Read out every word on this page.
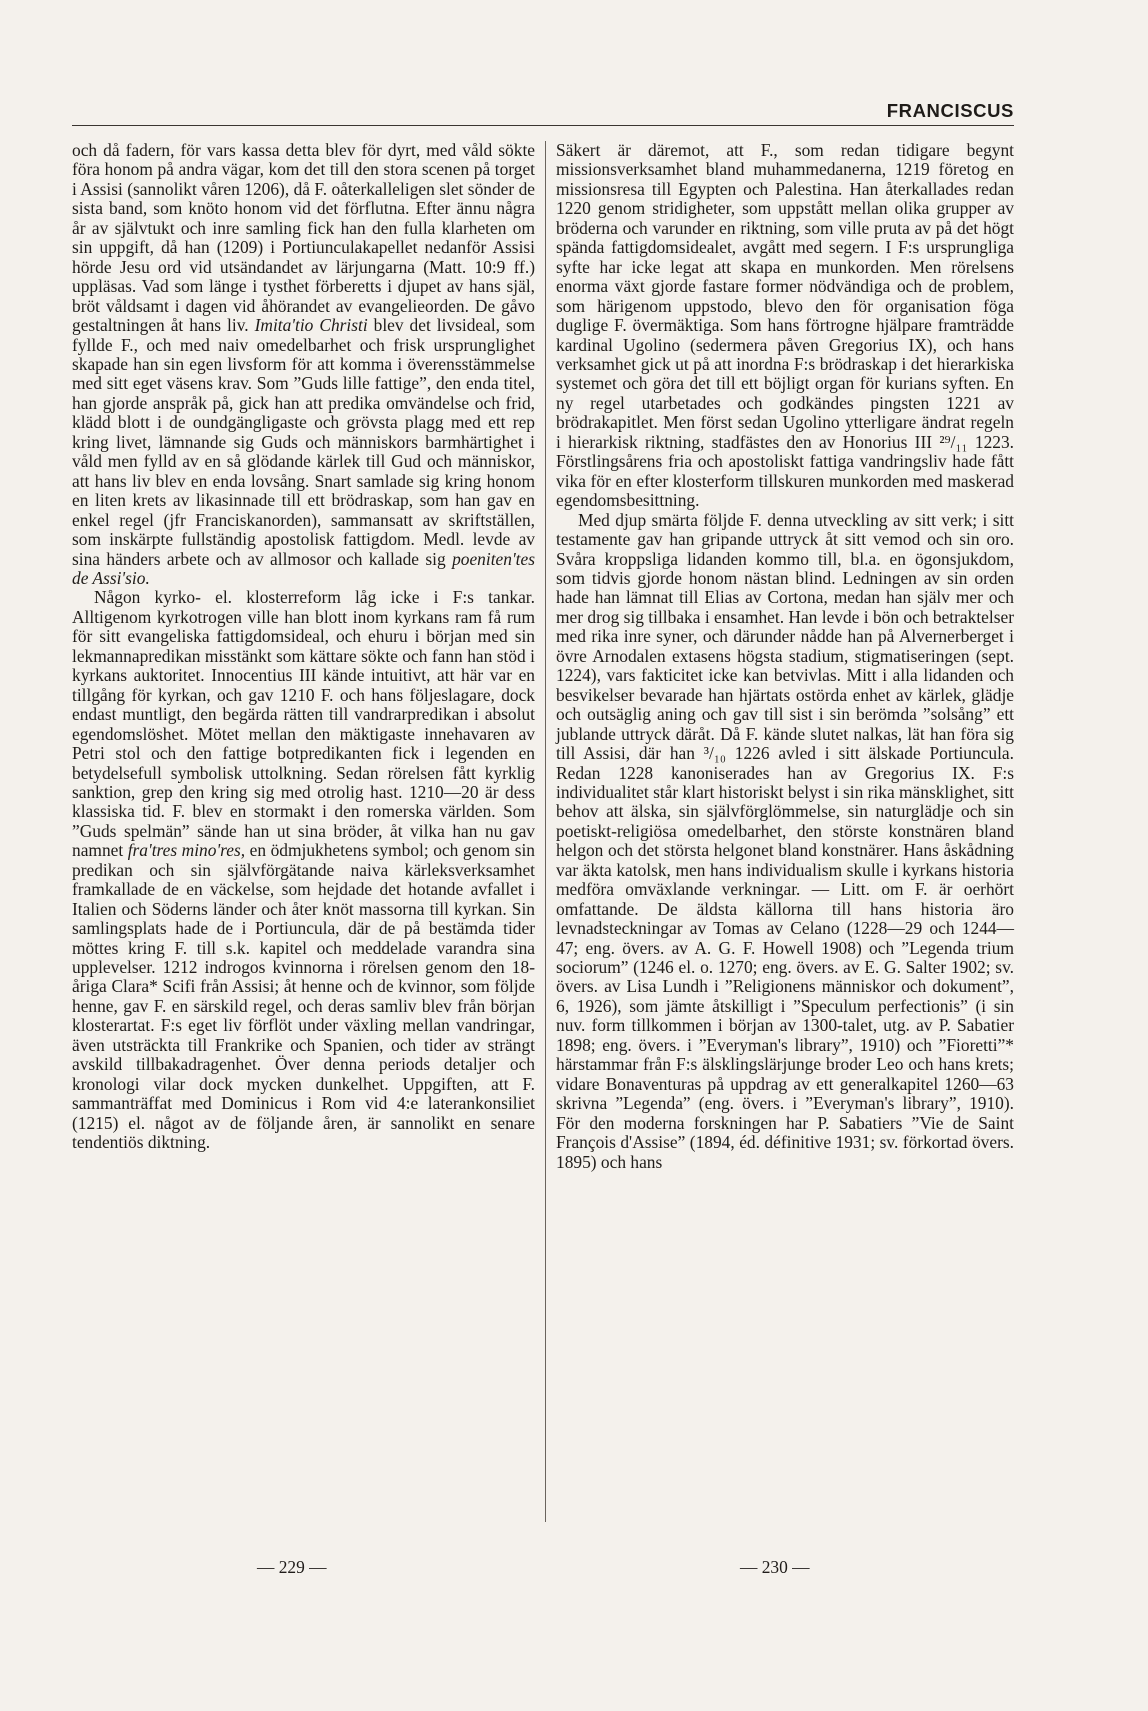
FRANCISCUS

och då fadern, för vars kassa detta blev för dyrt, med våld sökte föra honom på andra vägar, kom det till den stora scenen på torget i Assisi (sannolikt våren 1206), då F. oåterkalleligen slet sönder de sista band, som knöto honom vid det förflutna. Efter ännu några år av självtukt och inre samling fick han den fulla klarheten om sin uppgift, då han (1209) i Portiunculakapellet nedanför Assisi hörde Jesu ord vid utsändandet av lärjungarna (Matt. 10:9 ff.) uppläsas. Vad som länge i tysthet förberetts i djupet av hans själ, bröt våldsamt i dagen vid åhörandet av evangelieorden. De gåvo gestaltningen åt hans liv. Imita'tio Christi blev det livsideal, som fyllde F., och med naiv omedelbarhet och frisk ursprunglighet skapade han sin egen livsform för att komma i överensstämmelse med sitt eget väsens krav. Som ”Guds lille fattige”, den enda titel, han gjorde anspråk på, gick han att predika omvändelse och frid, klädd blott i de oundgängligaste och grövsta plagg med ett rep kring livet, lämnande sig Guds och människors barmhärtighet i våld men fylld av en så glödande kärlek till Gud och människor, att hans liv blev en enda lovsång. Snart samlade sig kring honom en liten krets av likasinnade till ett brödraskap, som han gav en enkel regel (jfr Franciskanorden), sammansatt av skriftställen, som inskärpte fullständig apostolisk fattigdom. Medl. levde av sina händers arbete och av allmosor och kallade sig poeniten'tes de Assi'sio.

Någon kyrko- el. klosterreform låg icke i F:s tankar. Alltigenom kyrkotrogen ville han blott inom kyrkans ram få rum för sitt evangeliska fattigdomsideal, och ehuru i början med sin lekmannapredikan misstänkt som kättare sökte och fann han stöd i kyrkans auktoritet. Innocentius III kände intuitivt, att här var en tillgång för kyrkan, och gav 1210 F. och hans följeslagare, dock endast muntligt, den begärda rätten till vandrarpredikan i absolut egendomslöshet. Mötet mellan den mäktigaste innehavaren av Petri stol och den fattige botpredikanten fick i legenden en betydelsefull symbolisk uttolkning. Sedan rörelsen fått kyrklig sanktion, grep den kring sig med otrolig hast. 1210—20 är dess klassiska tid. F. blev en stormakt i den romerska världen. Som ”Guds spelmän” sände han ut sina bröder, åt vilka han nu gav namnet fra'tres mino'res, en ödmjukhetens symbol; och genom sin predikan och sin självförgätande naiva kärleksverksamhet framkallade de en väckelse, som hejdade det hotande avfallet i Italien och Söderns länder och åter knöt massorna till kyrkan. Sin samlingsplats hade de i Portiuncula, där de på bestämda tider möttes kring F. till s.k. kapitel och meddelade varandra sina upplevelser. 1212 indrogos kvinnorna i rörelsen genom den 18-åriga Clara* Scifi från Assisi; åt henne och de kvinnor, som följde henne, gav F. en särskild regel, och deras samliv blev från början klosterartat. F:s eget liv förflöt under växling mellan vandringar, även utsträckta till Frankrike och Spanien, och tider av strängt avskild tillbakadragenhet. Över denna periods detaljer och kronologi vilar dock mycken dunkelhet. Uppgiften, att F. sammanträffat med Dominicus i Rom vid 4:e laterankonsiliet (1215) el. något av de följande åren, är sannolikt en senare tendentiös diktning.

Säkert är däremot, att F., som redan tidigare begynt missionsverksamhet bland muhammedanerna, 1219 företog en missionsresa till Egypten och Palestina. Han återkallades redan 1220 genom stridigheter, som uppstått mellan olika grupper av bröderna och varunder en riktning, som ville pruta av på det högt spända fattigdomsidealet, avgått med segern. I F:s ursprungliga syfte har icke legat att skapa en munkorden. Men rörelsens enorma växt gjorde fastare former nödvändiga och de problem, som härigenom uppstodo, blevo den för organisation föga duglige F. övermäktiga. Som hans förtrogne hjälpare framträdde kardinal Ugolino (sedermera påven Gregorius IX), och hans verksamhet gick ut på att inordna F:s brödraskap i det hierarkiska systemet och göra det till ett böjligt organ för kurians syften. En ny regel utarbetades och godkändes pingsten 1221 av brödrakapitlet. Men först sedan Ugolino ytterligare ändrat regeln i hierarkisk riktning, stadfästes den av Honorius III ²⁹/₁₁ 1223. Förstlingsårens fria och apostoliskt fattiga vandringsliv hade fått vika för en efter klosterform tillskuren munkorden med maskerad egendomsbesittning.

Med djup smärta följde F. denna utveckling av sitt verk; i sitt testamente gav han gripande uttryck åt sitt vemod och sin oro. Svåra kroppsliga lidanden kommo till, bl.a. en ögonsjukdom, som tidvis gjorde honom nästan blind. Ledningen av sin orden hade han lämnat till Elias av Cortona, medan han själv mer och mer drog sig tillbaka i ensamhet. Han levde i bön och betraktelser med rika inre syner, och därunder nådde han på Alvernerberget i övre Arnodalen extasens högsta stadium, stigmatiseringen (sept. 1224), vars fakticitet icke kan betvivlas. Mitt i alla lidanden och besvikelser bevarade han hjärtats ostörda enhet av kärlek, glädje och outsäglig aning och gav till sist i sin berömda ”solsång” ett jublande uttryck däråt. Då F. kände slutet nalkas, lät han föra sig till Assisi, där han ³/₁₀ 1226 avled i sitt älskade Portiuncula. Redan 1228 kanoniserades han av Gregorius IX. F:s individualitet står klart historiskt belyst i sin rika mänsklighet, sitt behov att älska, sin självförglömmelse, sin naturglädje och sin poetiskt-religiösa omedelbarhet, den störste konstnären bland helgon och det största helgonet bland konstnärer. Hans åskådning var äkta katolsk, men hans individualism skulle i kyrkans historia medföra omväxlande verkningar. — Litt. om F. är oerhört omfattande. De äldsta källorna till hans historia äro levnadsteckningar av Tomas av Celano (1228—29 och 1244—47; eng. övers. av A. G. F. Howell 1908) och ”Legenda trium sociorum” (1246 el. o. 1270; eng. övers. av E. G. Salter 1902; sv. övers. av Lisa Lundh i ”Religionens människor och dokument”, 6, 1926), som jämte åtskilligt i ”Speculum perfectionis” (i sin nuv. form tillkommen i början av 1300-talet, utg. av P. Sabatier 1898; eng. övers. i ”Everyman's library”, 1910) och ”Fioretti”* härstammar från F:s älsklingslärjunge broder Leo och hans krets; vidare Bonaventuras på uppdrag av ett generalkapitel 1260—63 skrivna ”Legenda” (eng. övers. i ”Everyman's library”, 1910). För den moderna forskningen har P. Sabatiers ”Vie de Saint François d'Assise” (1894, éd. définitive 1931; sv. förkortad övers. 1895) och hans

— 229 —	— 230 —
